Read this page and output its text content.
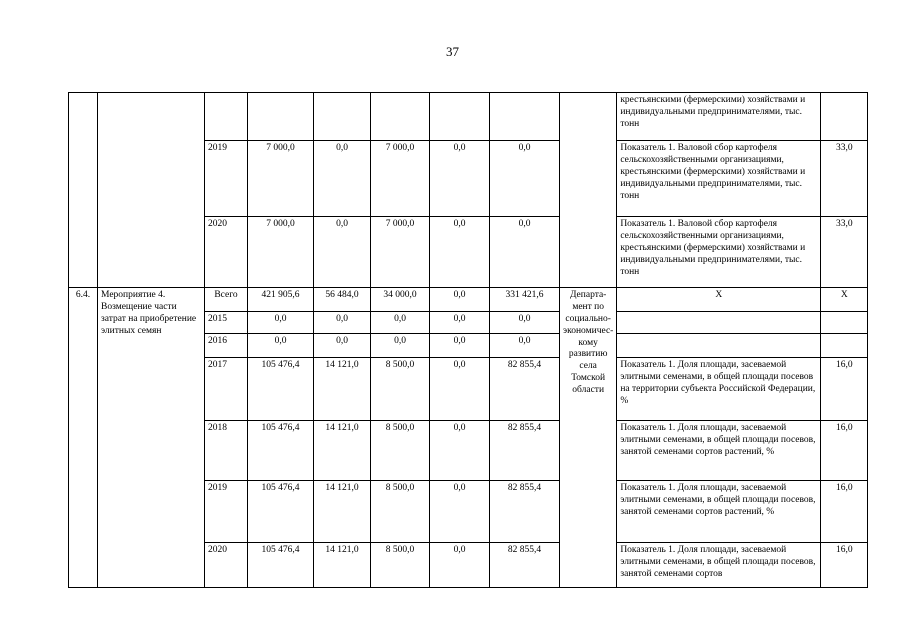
37
									крестьянскими (фермерскими) хозяйствами и индивидуальными предпринимателями, тыс. тонн	
		2019	7 000,0	0,0	7 000,0	0,0	0,0		Показатель 1. Валовой сбор картофеля сельскохозяйственными организациями, крестьянскими (фермерскими) хозяйствами и индивидуальными предпринимателями, тыс. тонн	33,0
		2020	7 000,0	0,0	7 000,0	0,0	0,0		Показатель 1. Валовой сбор картофеля сельскохозяйственными организациями, крестьянскими (фермерскими) хозяйствами и индивидуальными предпринимателями, тыс. тонн	33,0
6.4.	Мероприятие 4. Возмещение части затрат на приобретение элитных семян	Всего	421 905,6	56 484,0	34 000,0	0,0	331 421,6	Департа- мент по социально- экономичес- кому развитию села Томской области	Х	Х
		2015	0,0	0,0	0,0	0,0	0,0			
		2016	0,0	0,0	0,0	0,0	0,0			
		2017	105 476,4	14 121,0	8 500,0	0,0	82 855,4		Показатель 1. Доля площади, засеваемой элитными семенами, в общей площади посевов на территории субъекта Российской Федерации, %	16,0
		2018	105 476,4	14 121,0	8 500,0	0,0	82 855,4		Показатель 1. Доля площади, засеваемой элитными семенами, в общей площади посевов, занятой семенами сортов растений, %	16,0
		2019	105 476,4	14 121,0	8 500,0	0,0	82 855,4		Показатель 1. Доля площади, засеваемой элитными семенами, в общей площади посевов, занятой семенами сортов растений, %	16,0
		2020	105 476,4	14 121,0	8 500,0	0,0	82 855,4		Показатель 1. Доля площади, засеваемой элитными семенами, в общей площади посевов, занятой семенами сортов	16,0
